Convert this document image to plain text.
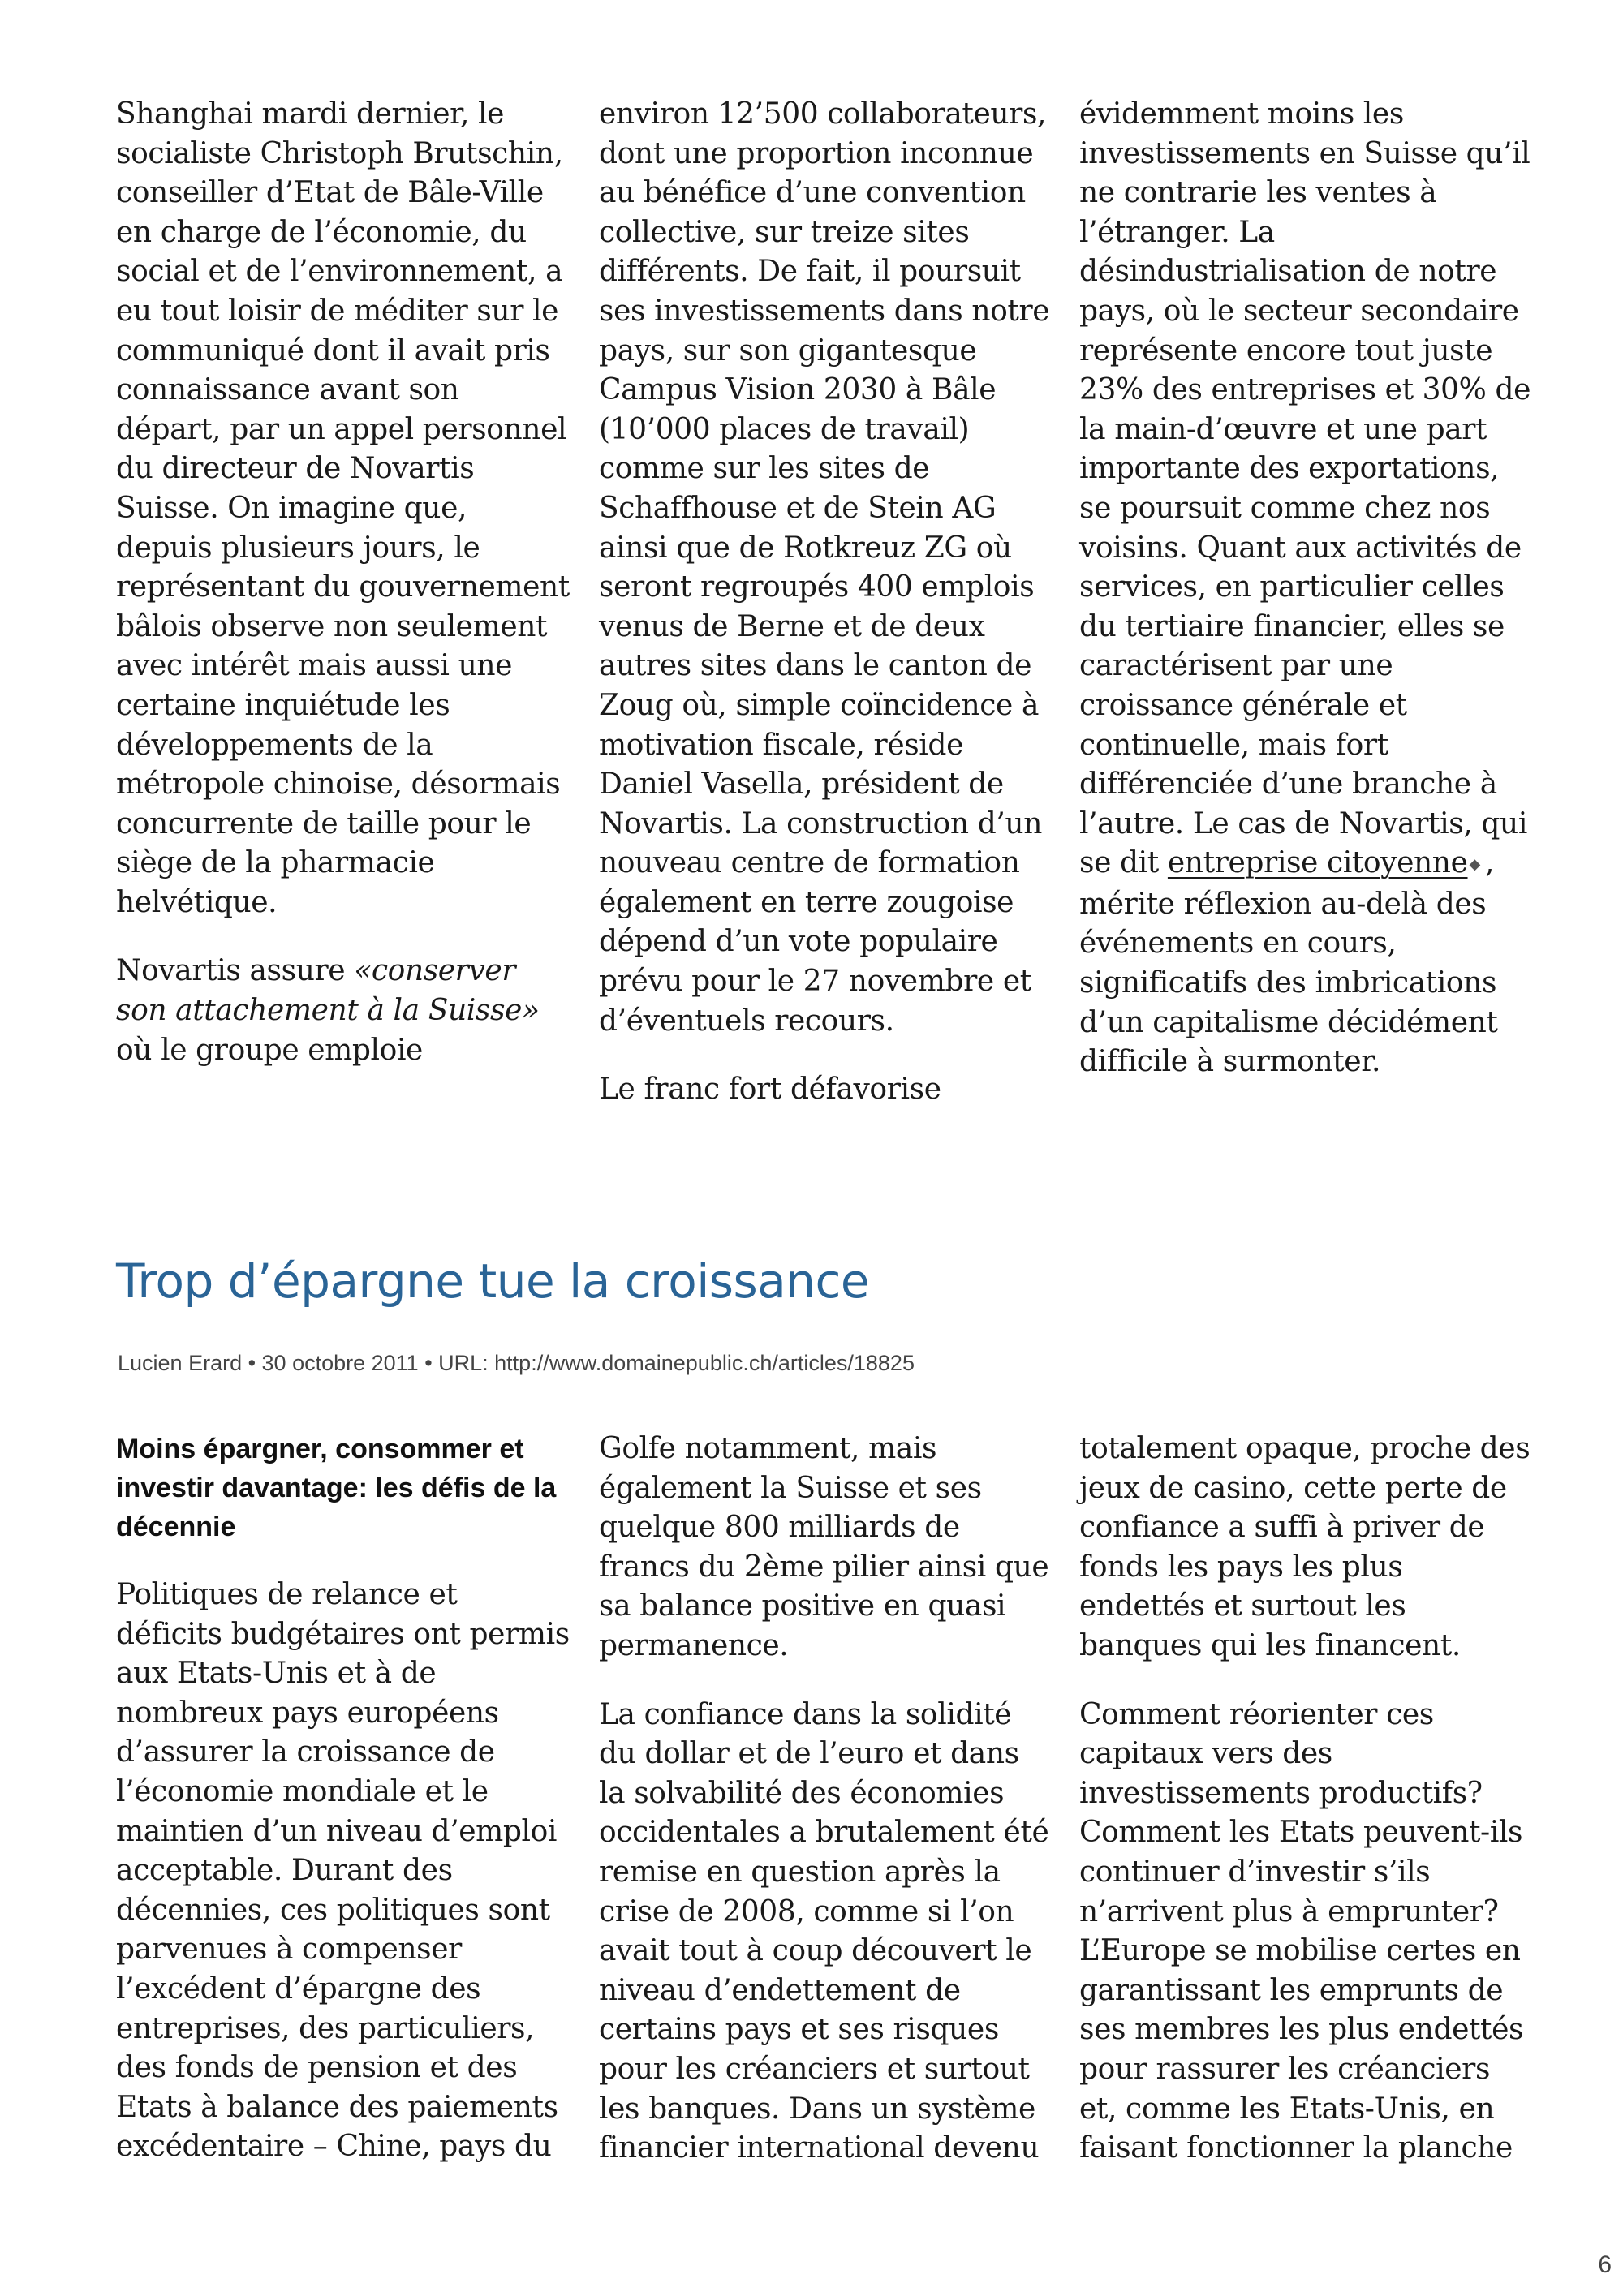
Shanghai mardi dernier, le socialiste Christoph Brutschin, conseiller d’Etat de Bâle-Ville en charge de l’économie, du social et de l’environnement, a eu tout loisir de méditer sur le communiqué dont il avait pris connaissance avant son départ, par un appel personnel du directeur de Novartis Suisse. On imagine que, depuis plusieurs jours, le représentant du gouvernement bâlois observe non seulement avec intérêt mais aussi une certaine inquiétude les développements de la métropole chinoise, désormais concurrente de taille pour le siège de la pharmacie helvétique.
Novartis assure «conserver son attachement à la Suisse» où le groupe emploie
environ 12’500 collaborateurs, dont une proportion inconnue au bénéfice d’une convention collective, sur treize sites différents. De fait, il poursuit ses investissements dans notre pays, sur son gigantesque Campus Vision 2030 à Bâle (10’000 places de travail) comme sur les sites de Schaffhouse et de Stein AG ainsi que de Rotkreuz ZG où seront regroupés 400 emplois venus de Berne et de deux autres sites dans le canton de Zoug où, simple coïncidence à motivation fiscale, réside Daniel Vasella, président de Novartis. La construction d’un nouveau centre de formation également en terre zougoise dépend d’un vote populaire prévu pour le 27 novembre et d’éventuels recours.
Le franc fort défavorise
évidemment moins les investissements en Suisse qu’il ne contrarie les ventes à l’étranger. La désindustrialisation de notre pays, où le secteur secondaire représente encore tout juste 23% des entreprises et 30% de la main-d’œuvre et une part importante des exportations, se poursuit comme chez nos voisins. Quant aux activités de services, en particulier celles du tertiaire financier, elles se caractérisent par une croissance générale et continuelle, mais fort différenciée d’une branche à l’autre. Le cas de Novartis, qui se dit entreprise citoyenne ◆ , mérite réflexion au-delà des événements en cours, significatifs des imbrications d’un capitalisme décidément difficile à surmonter.
Trop d’épargne tue la croissance

Lucien Erard • 30 octobre 2011 • URL: http://www.domainepublic.ch/articles/18825

Moins épargner, consommer et investir davantage: les défis de la décennie

Politiques de relance et déficits budgétaires ont permis aux Etats-Unis et à de nombreux pays européens d’assurer la croissance de l’économie mondiale et le maintien d’un niveau d’emploi acceptable. Durant des décennies, ces politiques sont parvenues à compenser l’excédent d’épargne des entreprises, des particuliers, des fonds de pension et des Etats à balance des paiements excédentaire – Chine, pays du
Golfe notamment, mais également la Suisse et ses quelque 800 milliards de francs du 2ème pilier ainsi que sa balance positive en quasi permanence.
La confiance dans la solidité du dollar et de l’euro et dans la solvabilité des économies occidentales a brutalement été remise en question après la crise de 2008, comme si l’on avait tout à coup découvert le niveau d’endettement de certains pays et ses risques pour les créanciers et surtout les banques. Dans un système financier international devenu
totalement opaque, proche des jeux de casino, cette perte de confiance a suffi à priver de fonds les pays les plus endettés et surtout les banques qui les financent.
Comment réorienter ces capitaux vers des investissements productifs? Comment les Etats peuvent-ils continuer d’investir s’ils n’arrivent plus à emprunter? L’Europe se mobilise certes en garantissant les emprunts de ses membres les plus endettés pour rassurer les créanciers et, comme les Etats-Unis, en faisant fonctionner la planche
6
